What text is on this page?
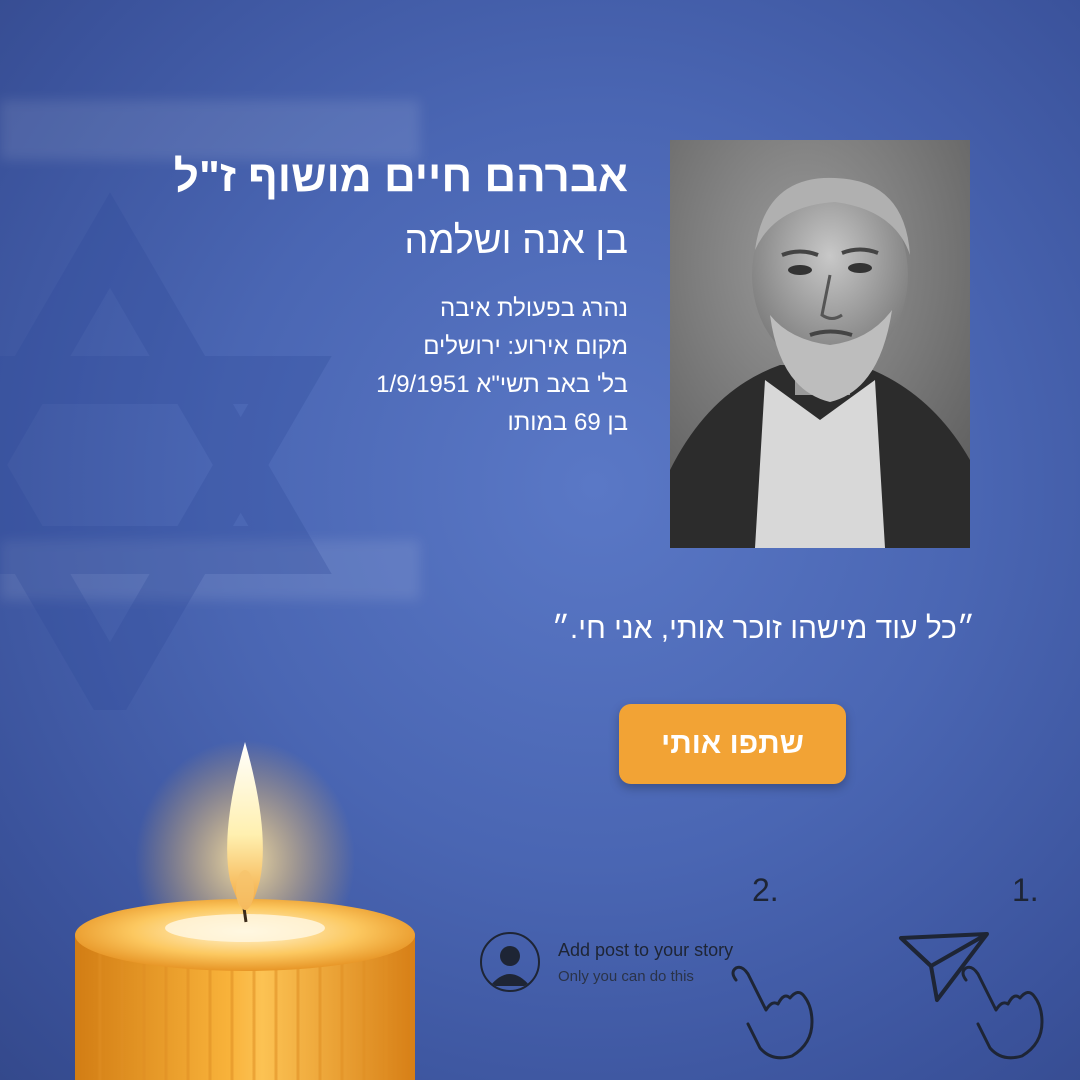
אברהם חיים מושוף ז"ל
בן אנה ושלמה
נהרג בפעולת איבה
מקום אירוע: ירושלים
בל' באב תשי"א 1/9/1951
בן 69 במותו
״כל עוד מישהו זוכר אותי, אני חי.״
שתפו אותי
1.
2.
Add post to your story
Only you can do this
